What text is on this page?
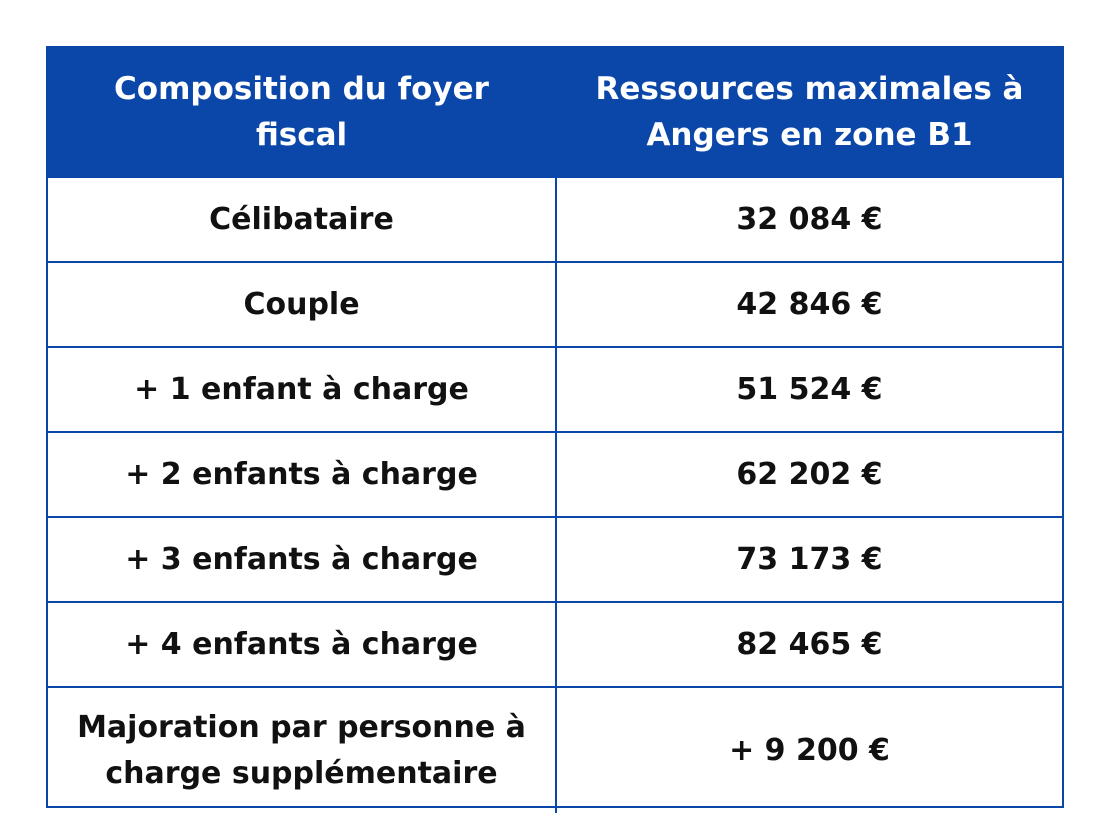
Composition du foyer fiscal	Ressources maximales à Angers en zone B1
Célibataire	32 084 €
Couple	42 846 €
+ 1 enfant à charge	51 524 €
+ 2 enfants à charge	62 202 €
+ 3 enfants à charge	73 173 €
+ 4 enfants à charge	82 465 €
Majoration par personne à charge supplémentaire	+ 9 200 €
